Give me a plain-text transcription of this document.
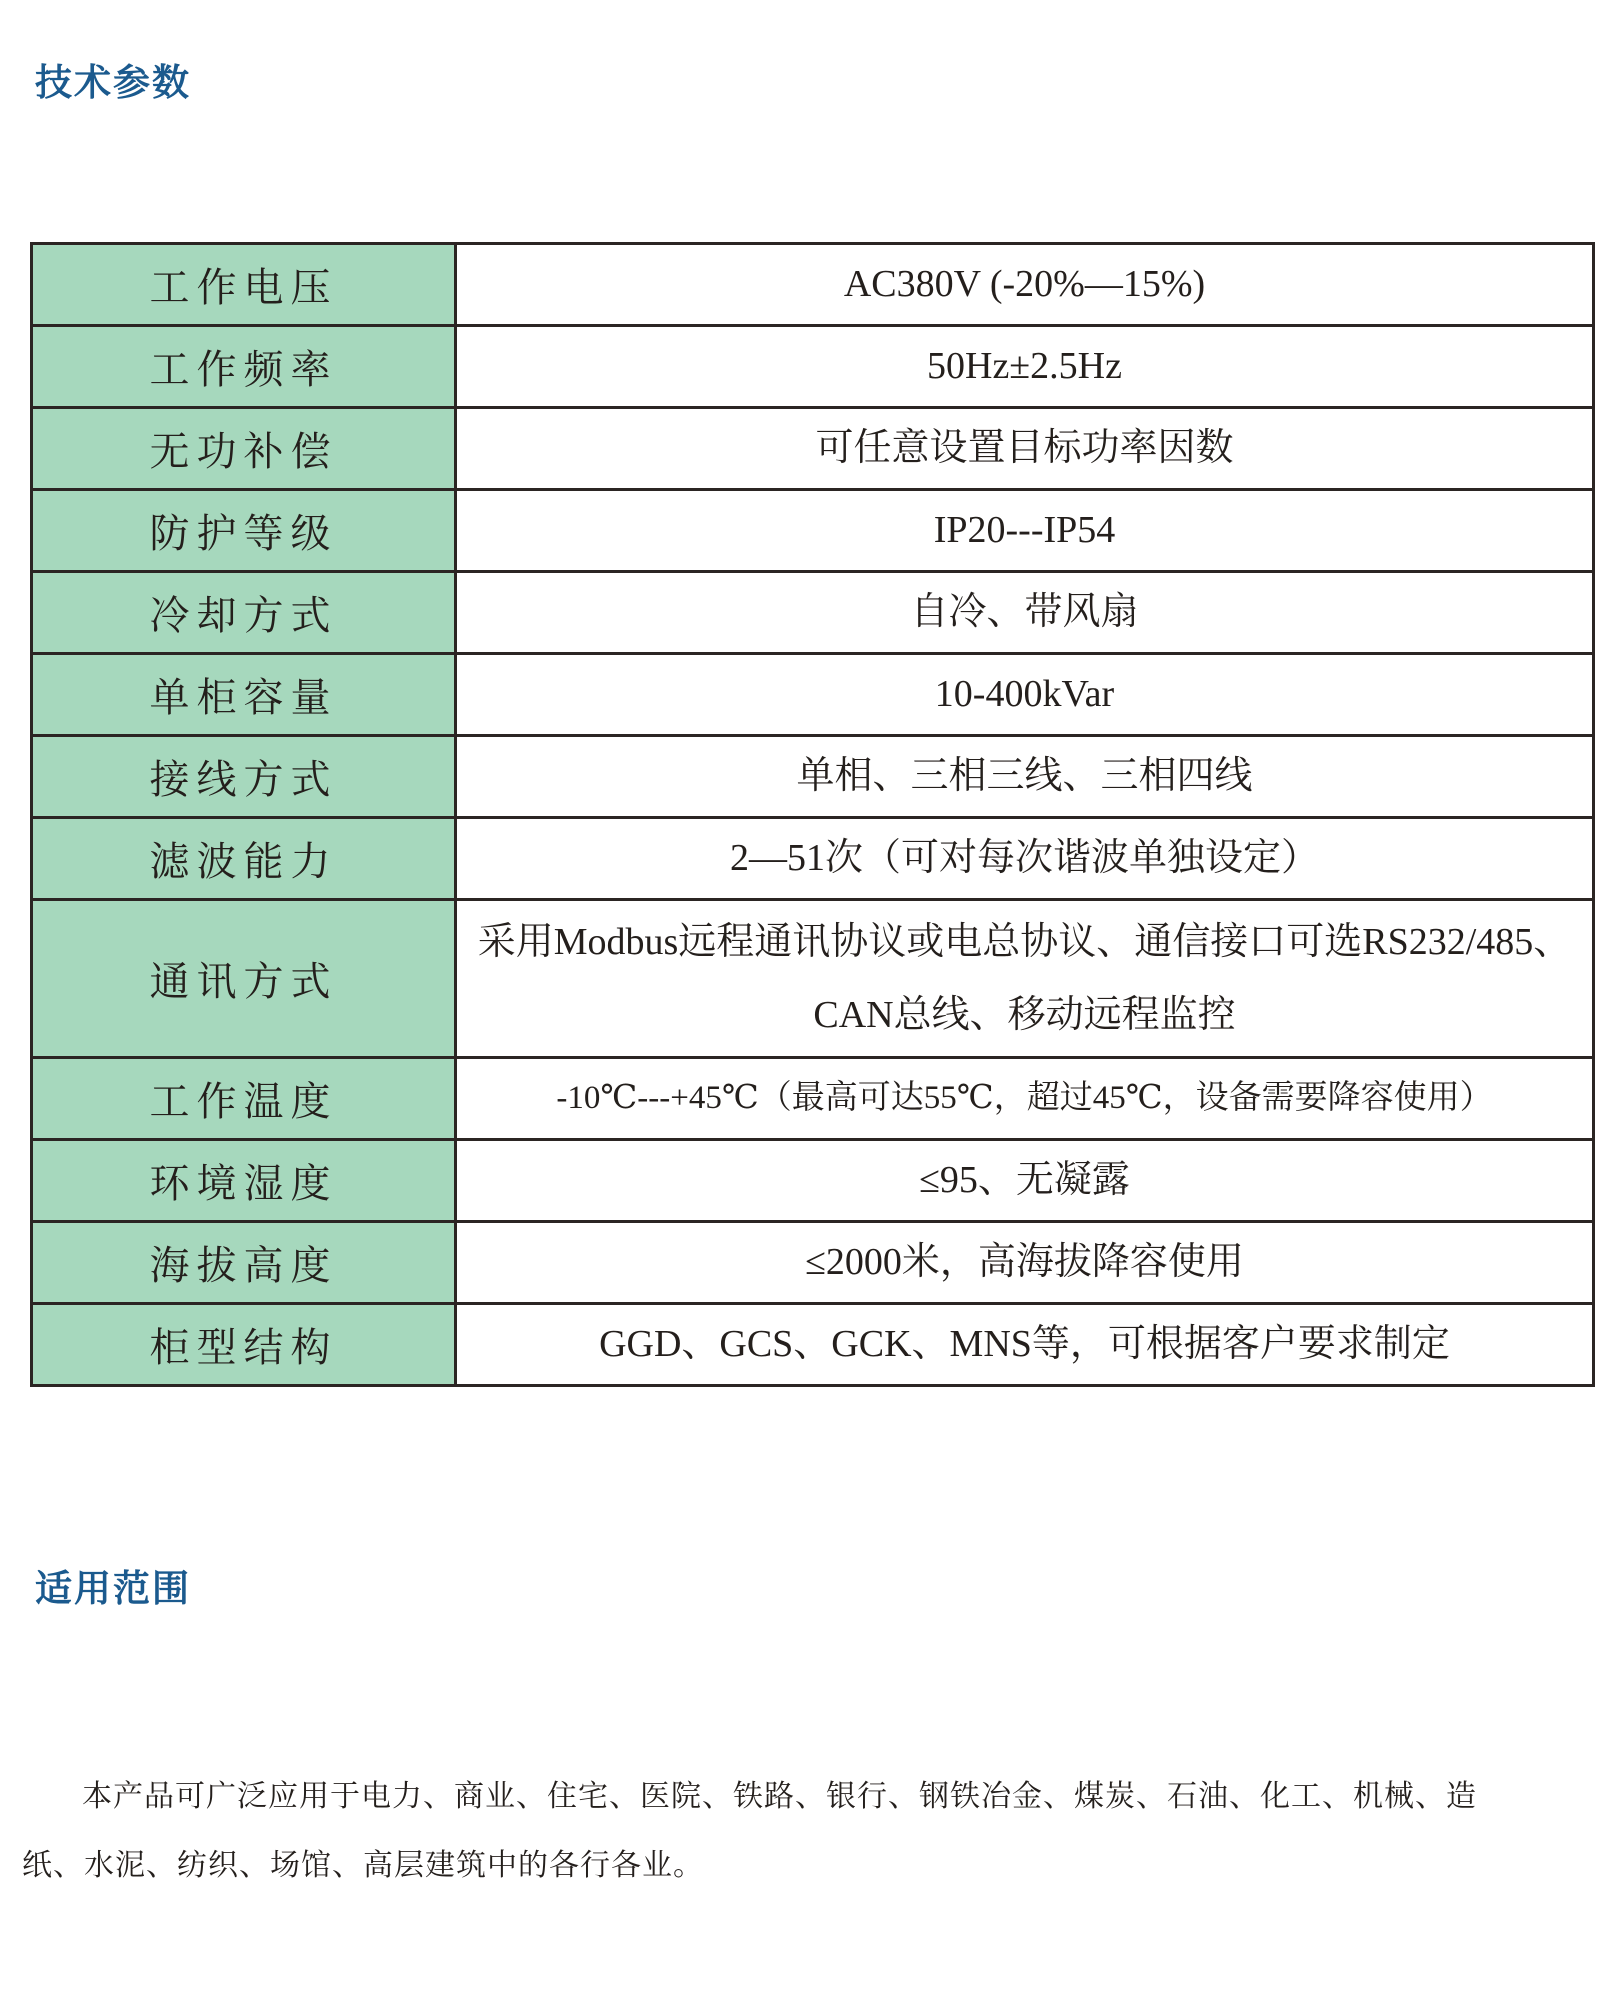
技术参数
工作电压	AC380V (-20%—15%)
工作频率	50Hz±2.5Hz
无功补偿	可任意设置目标功率因数
防护等级	IP20---IP54
冷却方式	自冷、带风扇
单柜容量	10-400kVar
接线方式	单相、三相三线、三相四线
滤波能力	2—51次（可对每次谐波单独设定）
通讯方式	采用Modbus远程通讯协议或电总协议、通信接口可选RS232/485、CAN总线、移动远程监控
工作温度	-10℃---+45℃（最高可达55℃，超过45℃，设备需要降容使用）
环境湿度	≤95、无凝露
海拔高度	≤2000米，高海拔降容使用
柜型结构	GGD、GCS、GCK、MNS等，可根据客户要求制定
适用范围

本产品可广泛应用于电力、商业、住宅、医院、铁路、银行、钢铁冶金、煤炭、石油、化工、机械、造纸、水泥、纺织、场馆、高层建筑中的各行各业。
